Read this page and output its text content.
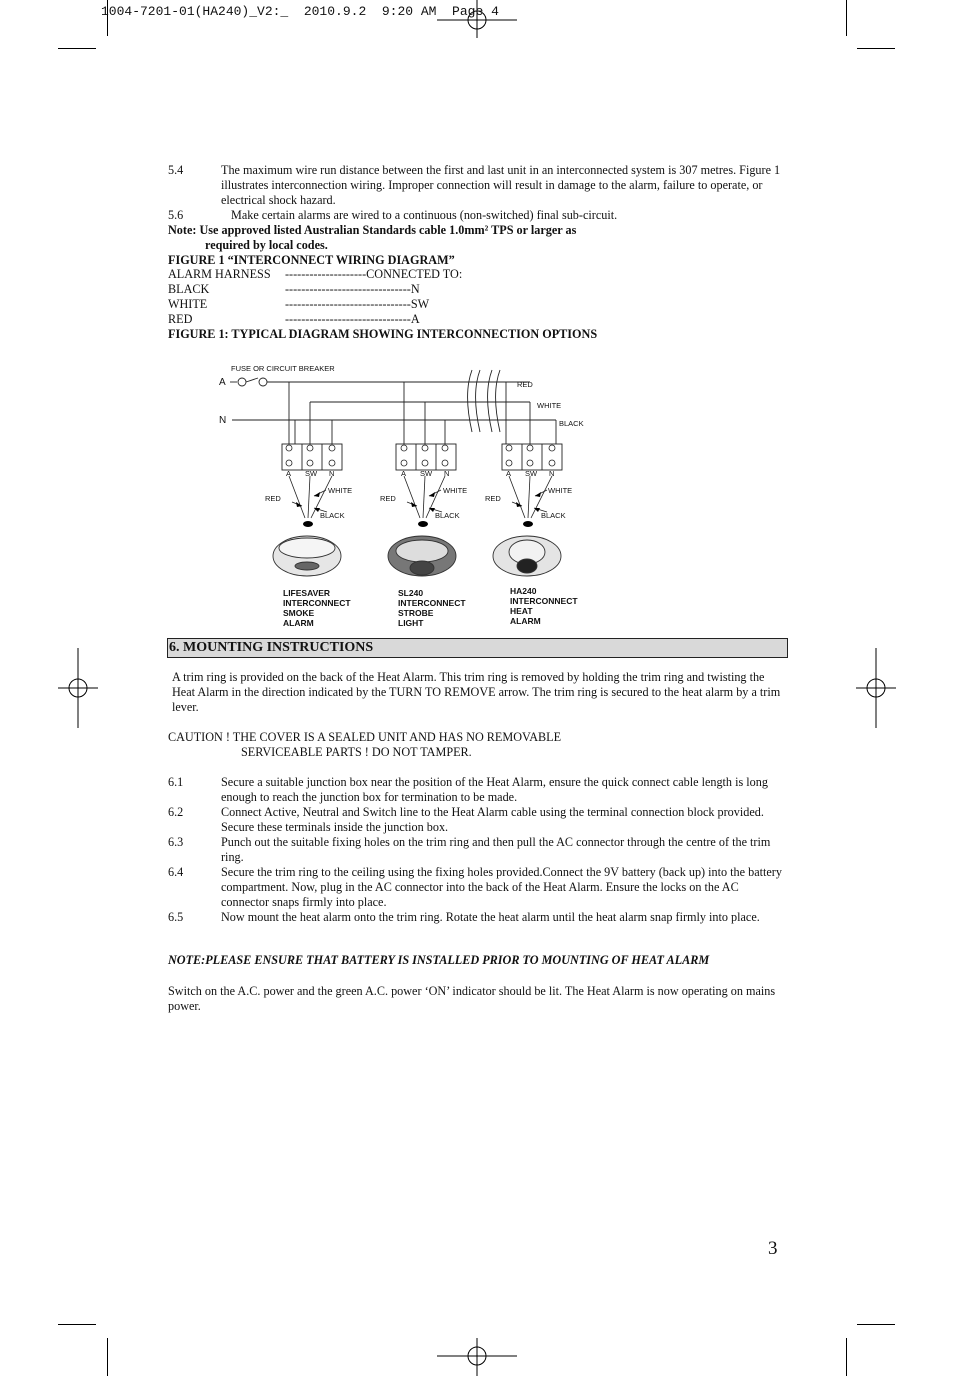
1004-7201-01(HA240)_V2:_  2010.9.2  9:20 AM  Page 4
5.4	The maximum wire run distance between the first and last unit in an interconnected system is 307 metres. Figure 1 illustrates interconnection wiring. Improper connection will result in damage to the alarm, failure to operate, or electrical shock hazard.
5.6	Make certain alarms are wired to a continuous (non-switched) final sub-circuit.
Note: Use approved listed Australian Standards cable 1.0mm² TPS or larger as
required by local codes.
FIGURE 1 “INTERCONNECT WIRING DIAGRAM”
ALARM HARNESS --------------------CONNECTED TO:
BLACK	-------------------------------N
WHITE	-------------------------------SW
RED	-------------------------------A
FIGURE 1: TYPICAL DIAGRAM SHOWING INTERCONNECTION OPTIONS
FUSE OR CIRCUIT BREAKER
A
N
RED
WHITE
BLACK
A SW N	A SW N	A SW N
RED
WHITE
BLACK
RED
WHITE
BLACK
RED
WHITE
BLACK
LIFESAVER
INTERCONNECT
SMOKE
ALARM
SL240
INTERCONNECT
STROBE
LIGHT
HA240
INTERCONNECT
HEAT
ALARM
6. MOUNTING INSTRUCTIONS
A trim ring is provided on the back of the Heat Alarm. This trim ring is removed by holding the trim ring and twisting the Heat Alarm in the direction indicated by the TURN TO REMOVE arrow. The trim ring is secured to the heat alarm by a trim lever.
CAUTION ! THE COVER IS A SEALED UNIT AND HAS NO REMOVABLE
SERVICEABLE PARTS ! DO NOT TAMPER.
6.1	Secure a suitable junction box near the position of the Heat Alarm, ensure the quick connect cable length is long enough to reach the junction box for termination to be made.
6.2	Connect Active, Neutral and Switch line to the Heat Alarm cable using the terminal connection block provided. Secure these terminals inside the junction box.
6.3	Punch out the suitable fixing holes on the trim ring and then pull the AC connector through the centre of the trim ring.
6.4	Secure the trim ring to the ceiling using the fixing holes provided.Connect the 9V battery (back up) into the battery compartment. Now, plug in the AC connector into the back of the Heat Alarm. Ensure the locks on the AC connector snaps firmly into place.
6.5	Now mount the heat alarm onto the trim ring. Rotate the heat alarm until the heat alarm snap firmly into place.
NOTE:PLEASE ENSURE THAT BATTERY IS INSTALLED PRIOR TO MOUNTING OF HEAT ALARM
Switch on the A.C. power and the green A.C. power ‘ON’ indicator should be lit. The Heat Alarm is now operating on mains power.
3
